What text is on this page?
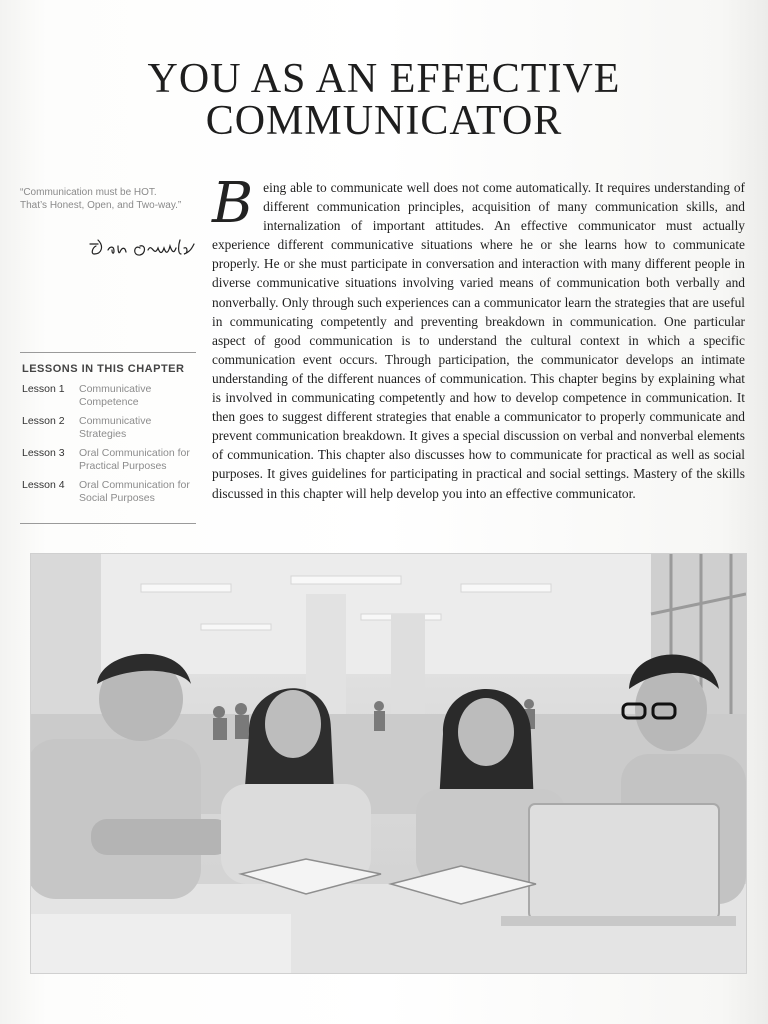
YOU AS AN EFFECTIVE
COMMUNICATOR
“Communication must be HOT. That’s Honest, Open, and Two-way.”
LESSONS IN THIS CHAPTER
Lesson 1	Communicative Competence
Lesson 2	Communicative Strategies
Lesson 3	Oral Communication for Practical Purposes
Lesson 4	Oral Communication for Social Purposes
Being able to communicate well does not come automatically. It requires understanding of different communication principles, acquisition of many communication skills, and internalization of important attitudes. An effective communicator must actually experience different communicative situations where he or she learns how to communicate properly. He or she must participate in conversation and interaction with many different people in diverse communicative situations involving varied means of communication both verbally and nonverbally. Only through such experiences can a communicator learn the strategies that are useful in communicating competently and preventing breakdown in communication. One particular aspect of good communication is to understand the cultural context in which a specific communication event occurs. Through participation, the communicator develops an intimate understanding of the different nuances of communication. This chapter begins by explaining what is involved in communicating competently and how to develop competence in communication. It then goes to suggest different strategies that enable a communicator to properly communicate and prevent communication breakdown. It gives a special discussion on verbal and nonverbal elements of communication. This chapter also discusses how to communicate for practical as well as social purposes. It gives guidelines for participating in practical and social settings. Mastery of the skills discussed in this chapter will help develop you into an effective communicator.
